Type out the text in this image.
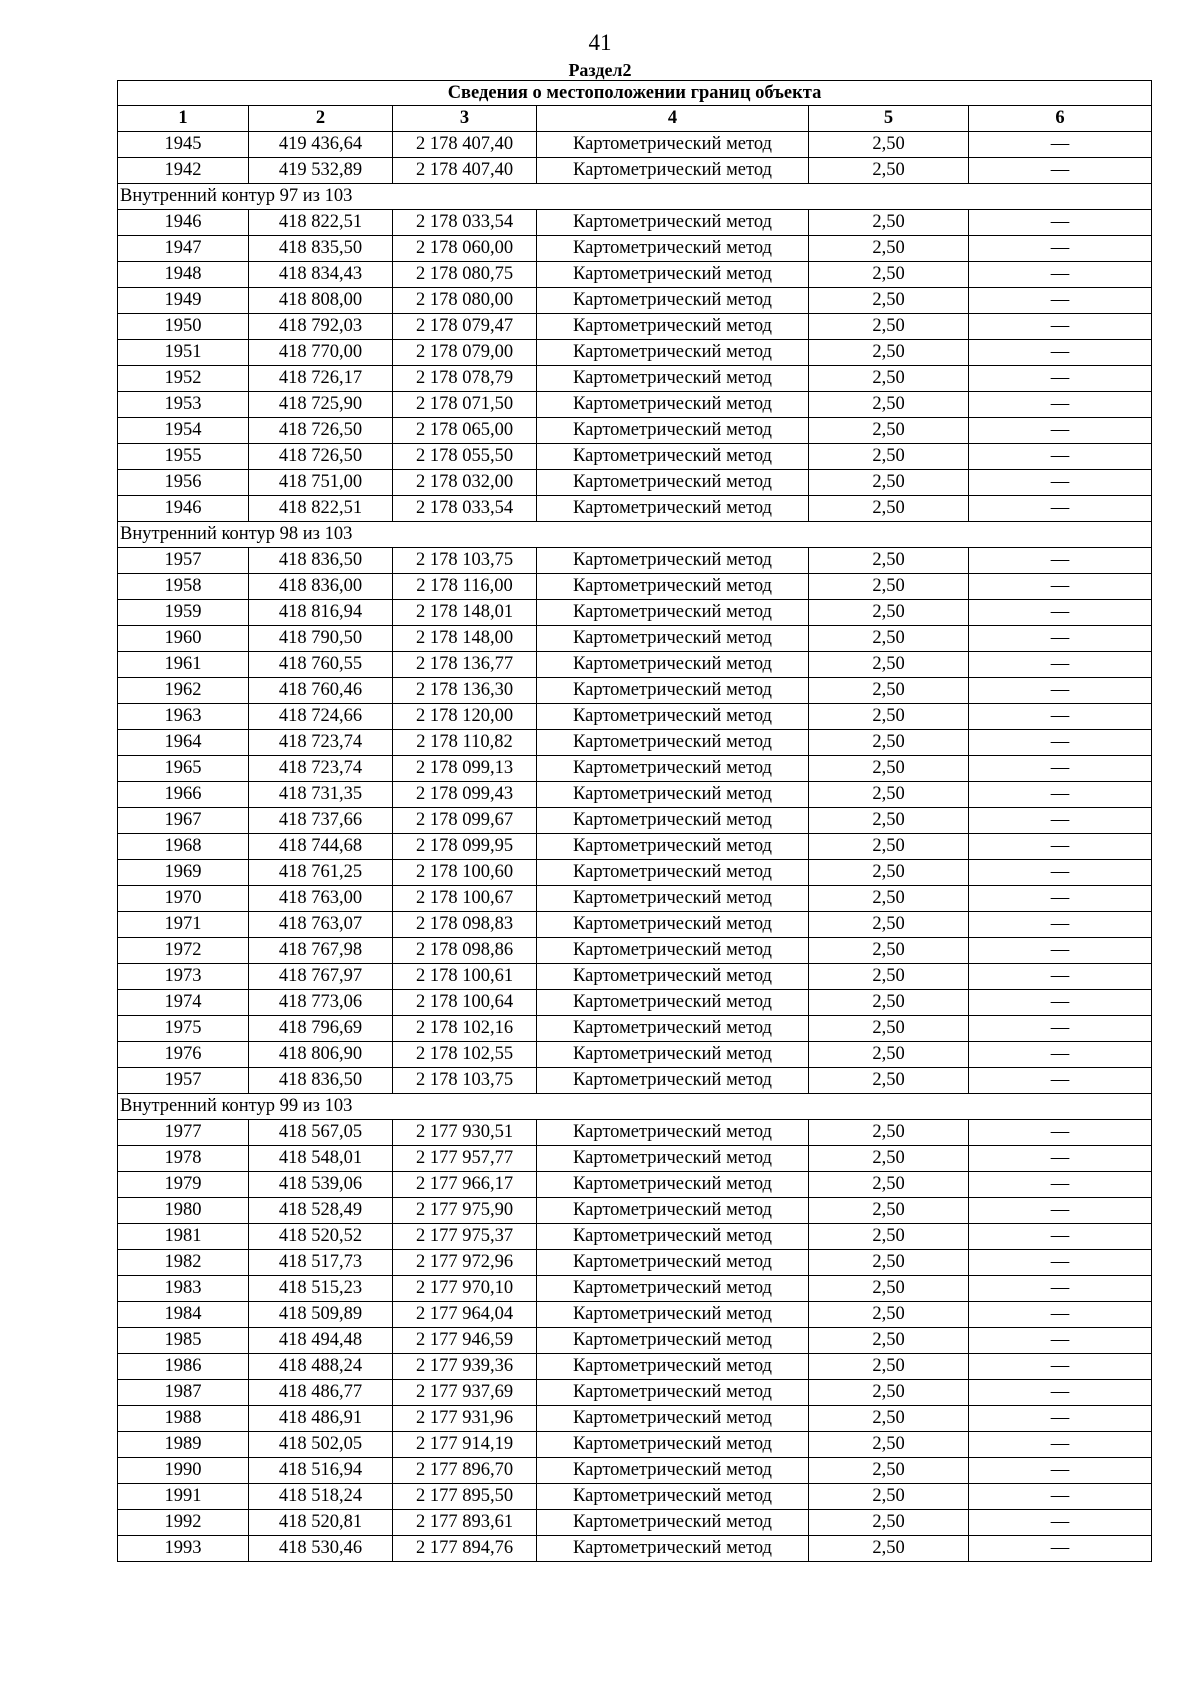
41
Раздел2
Сведения о местоположении границ объекта					
1	2	3	4	5	6
1945	419 436,64	2 178 407,40	Картометрический метод	2,50	—
1942	419 532,89	2 178 407,40	Картометрический метод	2,50	—
Внутренний контур 97 из 103					
1946	418 822,51	2 178 033,54	Картометрический метод	2,50	—
1947	418 835,50	2 178 060,00	Картометрический метод	2,50	—
1948	418 834,43	2 178 080,75	Картометрический метод	2,50	—
1949	418 808,00	2 178 080,00	Картометрический метод	2,50	—
1950	418 792,03	2 178 079,47	Картометрический метод	2,50	—
1951	418 770,00	2 178 079,00	Картометрический метод	2,50	—
1952	418 726,17	2 178 078,79	Картометрический метод	2,50	—
1953	418 725,90	2 178 071,50	Картометрический метод	2,50	—
1954	418 726,50	2 178 065,00	Картометрический метод	2,50	—
1955	418 726,50	2 178 055,50	Картометрический метод	2,50	—
1956	418 751,00	2 178 032,00	Картометрический метод	2,50	—
1946	418 822,51	2 178 033,54	Картометрический метод	2,50	—
Внутренний контур 98 из 103					
1957	418 836,50	2 178 103,75	Картометрический метод	2,50	—
1958	418 836,00	2 178 116,00	Картометрический метод	2,50	—
1959	418 816,94	2 178 148,01	Картометрический метод	2,50	—
1960	418 790,50	2 178 148,00	Картометрический метод	2,50	—
1961	418 760,55	2 178 136,77	Картометрический метод	2,50	—
1962	418 760,46	2 178 136,30	Картометрический метод	2,50	—
1963	418 724,66	2 178 120,00	Картометрический метод	2,50	—
1964	418 723,74	2 178 110,82	Картометрический метод	2,50	—
1965	418 723,74	2 178 099,13	Картометрический метод	2,50	—
1966	418 731,35	2 178 099,43	Картометрический метод	2,50	—
1967	418 737,66	2 178 099,67	Картометрический метод	2,50	—
1968	418 744,68	2 178 099,95	Картометрический метод	2,50	—
1969	418 761,25	2 178 100,60	Картометрический метод	2,50	—
1970	418 763,00	2 178 100,67	Картометрический метод	2,50	—
1971	418 763,07	2 178 098,83	Картометрический метод	2,50	—
1972	418 767,98	2 178 098,86	Картометрический метод	2,50	—
1973	418 767,97	2 178 100,61	Картометрический метод	2,50	—
1974	418 773,06	2 178 100,64	Картометрический метод	2,50	—
1975	418 796,69	2 178 102,16	Картометрический метод	2,50	—
1976	418 806,90	2 178 102,55	Картометрический метод	2,50	—
1957	418 836,50	2 178 103,75	Картометрический метод	2,50	—
Внутренний контур 99 из 103					
1977	418 567,05	2 177 930,51	Картометрический метод	2,50	—
1978	418 548,01	2 177 957,77	Картометрический метод	2,50	—
1979	418 539,06	2 177 966,17	Картометрический метод	2,50	—
1980	418 528,49	2 177 975,90	Картометрический метод	2,50	—
1981	418 520,52	2 177 975,37	Картометрический метод	2,50	—
1982	418 517,73	2 177 972,96	Картометрический метод	2,50	—
1983	418 515,23	2 177 970,10	Картометрический метод	2,50	—
1984	418 509,89	2 177 964,04	Картометрический метод	2,50	—
1985	418 494,48	2 177 946,59	Картометрический метод	2,50	—
1986	418 488,24	2 177 939,36	Картометрический метод	2,50	—
1987	418 486,77	2 177 937,69	Картометрический метод	2,50	—
1988	418 486,91	2 177 931,96	Картометрический метод	2,50	—
1989	418 502,05	2 177 914,19	Картометрический метод	2,50	—
1990	418 516,94	2 177 896,70	Картометрический метод	2,50	—
1991	418 518,24	2 177 895,50	Картометрический метод	2,50	—
1992	418 520,81	2 177 893,61	Картометрический метод	2,50	—
1993	418 530,46	2 177 894,76	Картометрический метод	2,50	—
